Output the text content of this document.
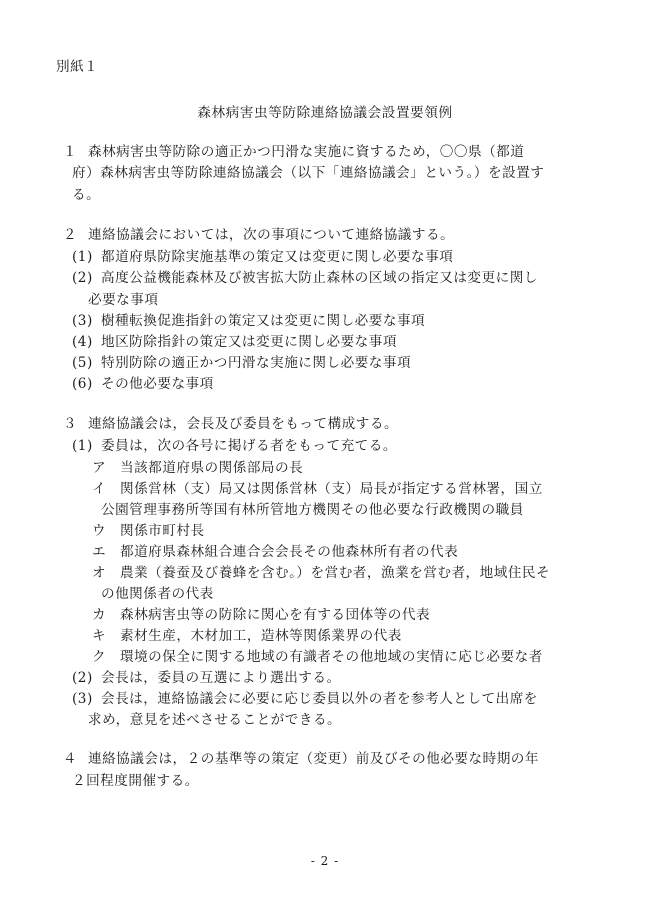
別紙１
森林病害虫等防除連絡協議会設置要領例
１ 森林病害虫等防除の適正かつ円滑な実施に資するため，〇〇県（都道
府）森林病害虫等防除連絡協議会（以下「連絡協議会」という。）を設置す
る。
２ 連絡協議会においては，次の事項について連絡協議する。
(1) 都道府県防除実施基準の策定又は変更に関し必要な事項
(2) 高度公益機能森林及び被害拡大防止森林の区域の指定又は変更に関し
必要な事項
(3) 樹種転換促進指針の策定又は変更に関し必要な事項
(4) 地区防除指針の策定又は変更に関し必要な事項
(5) 特別防除の適正かつ円滑な実施に関し必要な事項
(6) その他必要な事項
３ 連絡協議会は，会長及び委員をもって構成する。
(1) 委員は，次の各号に掲げる者をもって充てる。
ア 当該都道府県の関係部局の長
イ 関係営林（支）局又は関係営林（支）局長が指定する営林署，国立
公園管理事務所等国有林所管地方機関その他必要な行政機関の職員
ウ 関係市町村長
エ 都道府県森林組合連合会会長その他森林所有者の代表
オ 農業（養蚕及び養蜂を含む。）を営む者，漁業を営む者，地域住民そ
の他関係者の代表
カ 森林病害虫等の防除に関心を有する団体等の代表
キ 素材生産，木材加工，造林等関係業界の代表
ク 環境の保全に関する地域の有識者その他地域の実情に応じ必要な者
(2) 会長は，委員の互選により選出する。
(3) 会長は，連絡協議会に必要に応じ委員以外の者を参考人として出席を
求め，意見を述べさせることができる。
４ 連絡協議会は，２の基準等の策定（変更）前及びその他必要な時期の年
２回程度開催する。
- 2 -
